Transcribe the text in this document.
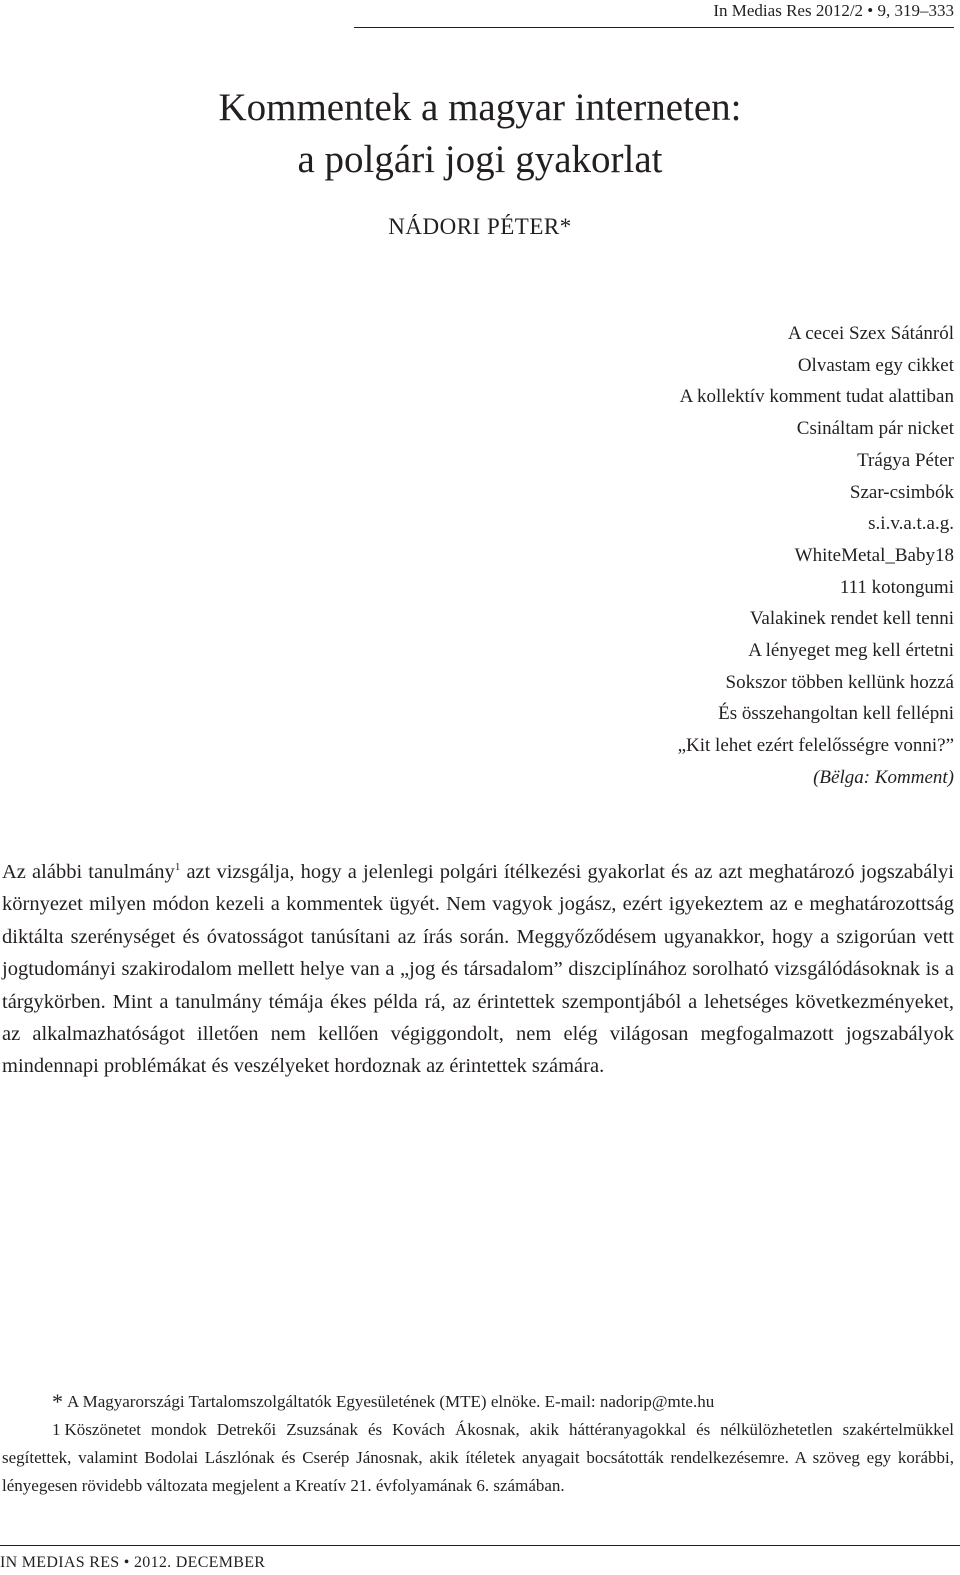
In Medias Res 2012/2 • 9, 319–333
Kommentek a magyar interneten:
a polgári jogi gyakorlat
NÁDORI PÉTER*
A cecei Szex Sátánról
Olvastam egy cikket
A kollektív komment tudat alattiban
Csináltam pár nicket
Trágya Péter
Szar-csimbók
s.i.v.a.t.a.g.
WhiteMetal_Baby18
111 kotongumi
Valakinek rendet kell tenni
A lényeget meg kell értetni
Sokszor többen kellünk hozzá
És összehangoltan kell fellépni
„Kit lehet ezért felelősségre vonni?”
(Bëlga: Komment)
Az alábbi tanulmány$^1$ azt vizsgálja, hogy a jelenlegi polgári ítélkezési gyakorlat és az azt meghatározó jogszabályi környezet milyen módon kezeli a kommentek ügyét. Nem vagyok jogász, ezért igyekeztem az e meghatározottság diktálta szerénységet és óvatosságot tanúsítani az írás során. Meggyőződésem ugyanakkor, hogy a szigorúan vett jogtudományi szakirodalom mellett helye van a „jog és társadalom” diszciplínához sorolható vizsgálódásoknak is a tárgykörben. Mint a tanulmány témája ékes példa rá, az érintettek szempontjából a lehetséges következményeket, az alkalmazhatóságot illetően nem kellően végiggondolt, nem elég világosan megfogalmazott jogszabályok mindennapi problémákat és veszélyeket hordoznak az érintettek számára.
* A Magyarországi Tartalomszolgáltatók Egyesületének (MTE) elnöke. E-mail: nadorip@mte.hu
1 Köszönetet mondok Detrekői Zsuzsának és Kovách Ákosnak, akik háttéranyagokkal és nélkülözhetetlen szakértelmükkel segítettek, valamint Bodolai Lászlónak és Cserép Jánosnak, akik ítéletek anyagait bocsátották rendelkezésemre. A szöveg egy korábbi, lényegesen rövidebb változata megjelent a Kreatív 21. évfolyamának 6. számában.
IN MEDIAS RES • 2012. DECEMBER
